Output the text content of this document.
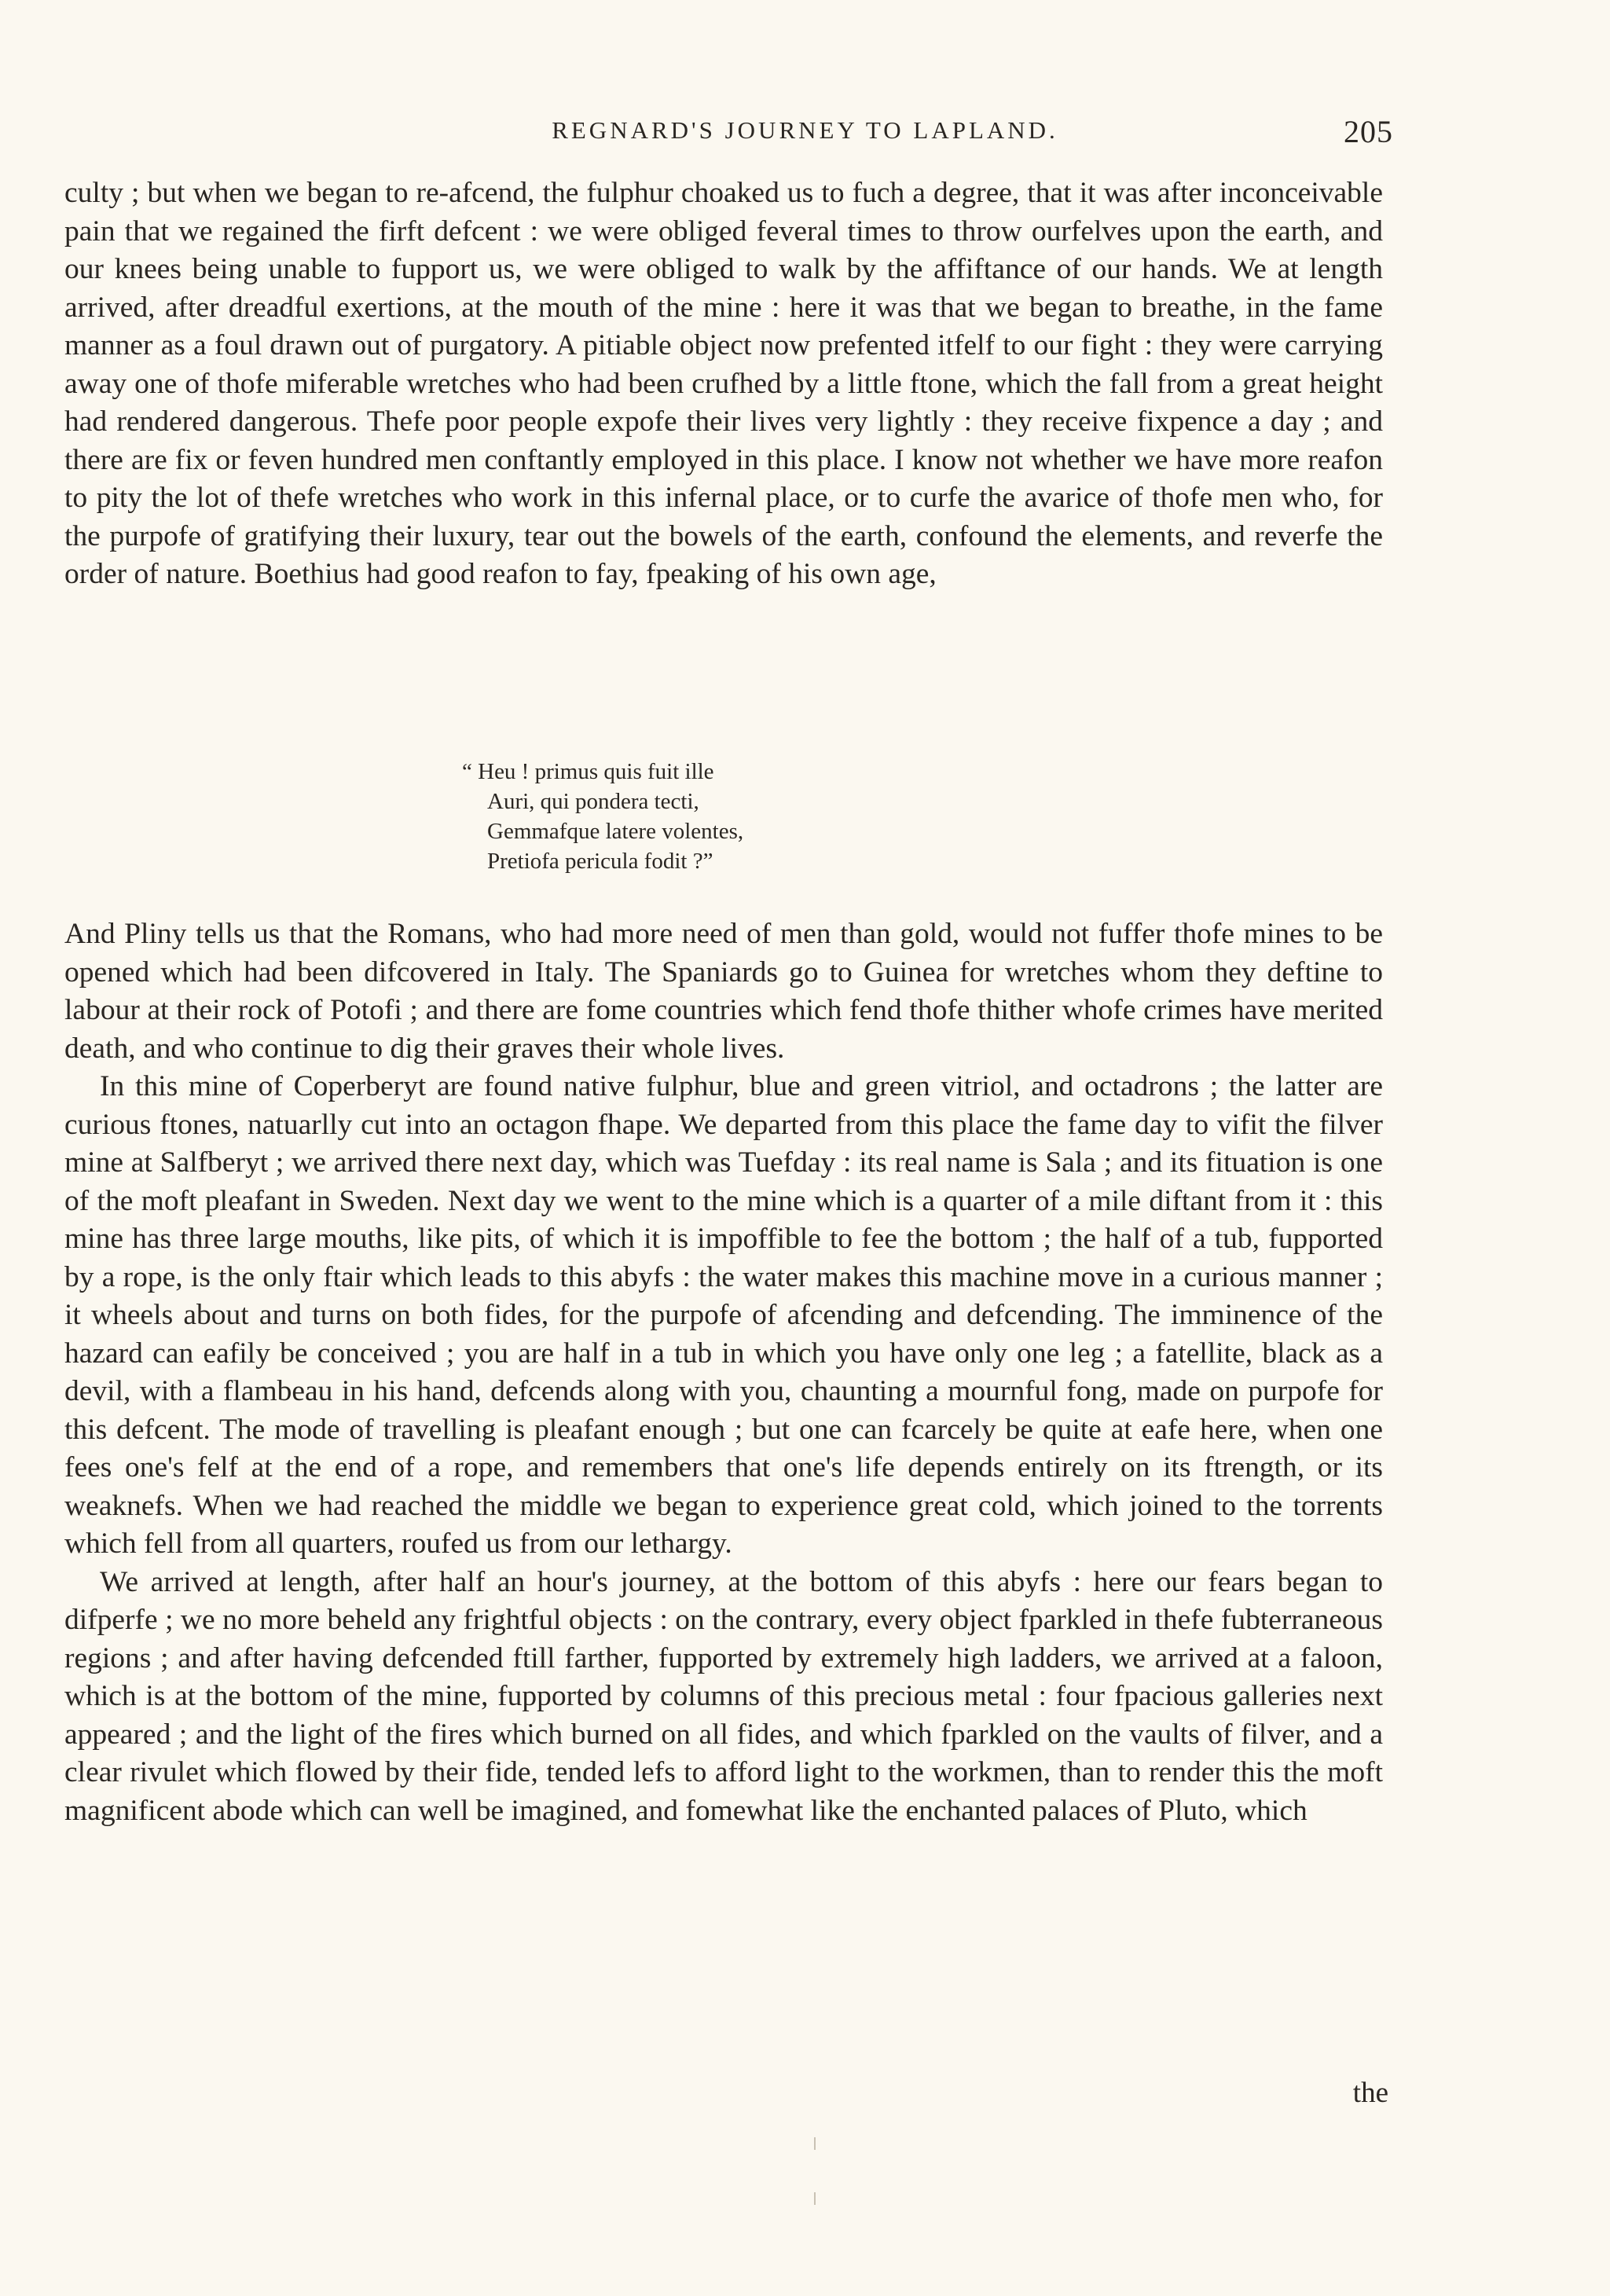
REGNARD'S JOURNEY TO LAPLAND.	205

culty ; but when we began to re-afcend, the fulphur choaked us to fuch a degree, that it was after inconceivable pain that we regained the firft defcent : we were obliged feveral times to throw ourfelves upon the earth, and our knees being unable to fupport us, we were obliged to walk by the affiftance of our hands. We at length arrived, after dreadful exertions, at the mouth of the mine : here it was that we began to breathe, in the fame manner as a foul drawn out of purgatory. A pitiable object now prefented itfelf to our fight : they were carrying away one of thofe miferable wretches who had been crufhed by a little ftone, which the fall from a great height had rendered dangerous. Thefe poor people expofe their lives very lightly : they receive fixpence a day ; and there are fix or feven hundred men conftantly employed in this place. I know not whether we have more reafon to pity the lot of thefe wretches who work in this infernal place, or to curfe the avarice of thofe men who, for the purpofe of gratifying their luxury, tear out the bowels of the earth, confound the elements, and reverfe the order of nature. Boethius had good reafon to fay, fpeaking of his own age,

“ Heu ! primus quis fuit ille
Auri, qui pondera tecti,
Gemmafque latere volentes,
Pretiofa pericula fodit ?”

And Pliny tells us that the Romans, who had more need of men than gold, would not fuffer thofe mines to be opened which had been difcovered in Italy. The Spaniards go to Guinea for wretches whom they deftine to labour at their rock of Potofi ; and there are fome countries which fend thofe thither whofe crimes have merited death, and who continue to dig their graves their whole lives.

In this mine of Coperberyt are found native fulphur, blue and green vitriol, and octadrons ; the latter are curious ftones, natuarlly cut into an octagon fhape. We departed from this place the fame day to vifit the filver mine at Salfberyt ; we arrived there next day, which was Tuefday : its real name is Sala ; and its fituation is one of the moft pleafant in Sweden. Next day we went to the mine which is a quarter of a mile diftant from it : this mine has three large mouths, like pits, of which it is impoffible to fee the bottom ; the half of a tub, fupported by a rope, is the only ftair which leads to this abyfs : the water makes this machine move in a curious manner ; it wheels about and turns on both fides, for the purpofe of afcending and defcending. The imminence of the hazard can eafily be conceived ; you are half in a tub in which you have only one leg ; a fatellite, black as a devil, with a flambeau in his hand, defcends along with you, chaunting a mournful fong, made on purpofe for this defcent. The mode of travelling is pleafant enough ; but one can fcarcely be quite at eafe here, when one fees one's felf at the end of a rope, and remembers that one's life depends entirely on its ftrength, or its weaknefs. When we had reached the middle we began to experience great cold, which joined to the torrents which fell from all quarters, roufed us from our lethargy.

We arrived at length, after half an hour's journey, at the bottom of this abyfs : here our fears began to difperfe ; we no more beheld any frightful objects : on the contrary, every object fparkled in thefe fubterraneous regions ; and after having defcended ftill farther, fupported by extremely high ladders, we arrived at a faloon, which is at the bottom of the mine, fupported by columns of this precious metal : four fpacious galleries next appeared ; and the light of the fires which burned on all fides, and which fparkled on the vaults of filver, and a clear rivulet which flowed by their fide, tended lefs to afford light to the workmen, than to render this the moft magnificent abode which can well be imagined, and fomewhat like the enchanted palaces of Pluto, which

the
